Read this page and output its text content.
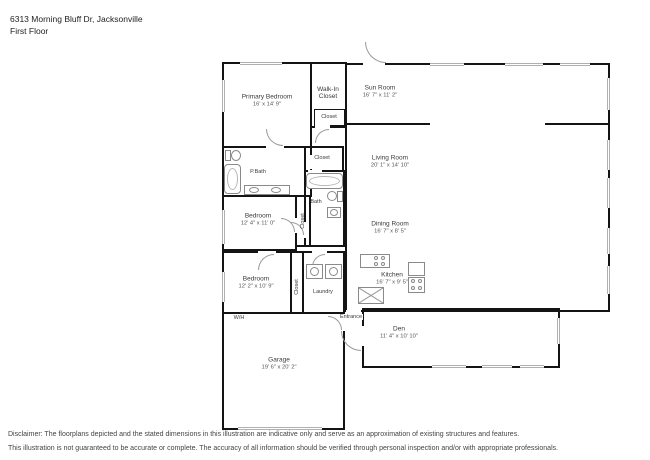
6313 Morning Bluff Dr, Jacksonville
First Floor
Primary Bedroom
16' x 14' 9"
Walk-In
Closet
Closet
Sun Room
16' 7" x 11' 2"
Living Room
20' 1" x 14' 10"
Dining Room
16' 7" x 8' 5"
Kitchen
16' 7" x 9' 5"
P.Bath
Closet
Bath
Bedroom
12' 4" x 11' 0"	Closet
Bedroom
12' 2" x 10' 9"	Closet Laundry
Entrance
Den
11' 4" x 10' 10"
Garage
19' 6" x 20' 2"
W/H
Disclaimer: The floorplans depicted and the stated dimensions in this illustration are indicative only and serve as an approximation of existing structures and features.
This illustration is not guaranteed to be accurate or complete. The accuracy of all information should be verified through personal inspection and/or with appropriate professionals.
